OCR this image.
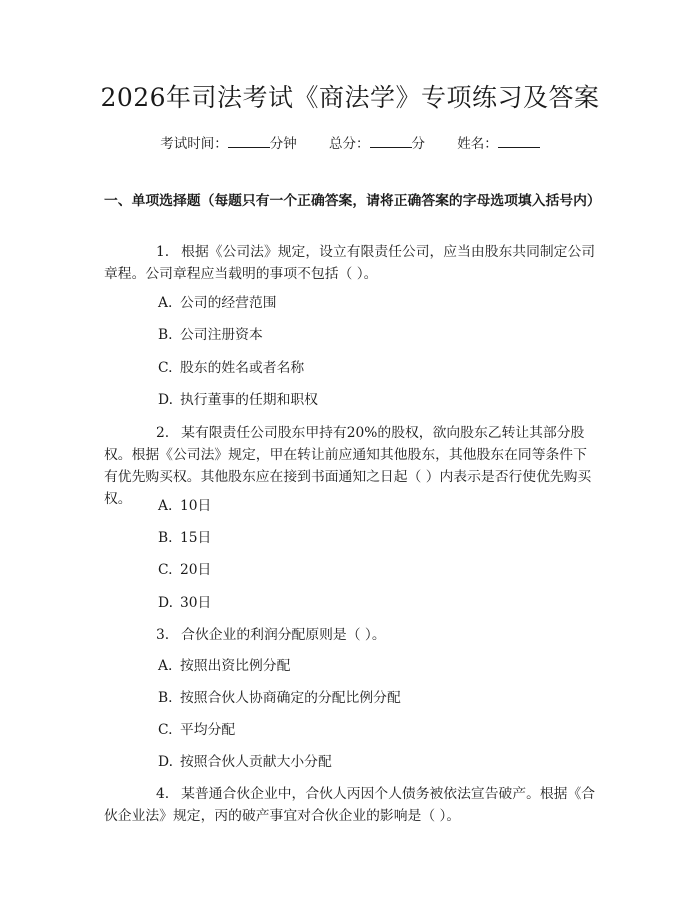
2026年司法考试《商法学》专项练习及答案
考试时间：	分钟 总分：	分 姓名：
一、单项选择题（每题只有一个正确答案，请将正确答案的字母选项填入括号内）

1. 根据《公司法》规定，设立有限责任公司，应当由股东共同制定公司章程。公司章程应当载明的事项不包括（ ）。

A. 公司的经营范围
B. 公司注册资本
C. 股东的姓名或者名称
D. 执行董事的任期和职权

2. 某有限责任公司股东甲持有20%的股权，欲向股东乙转让其部分股权。根据《公司法》规定，甲在转让前应通知其他股东，其他股东在同等条件下有优先购买权。其他股东应在接到书面通知之日起（ ）内表示是否行使优先购买权。	A. 10日
B. 15日
C. 20日
D. 30日

3. 合伙企业的利润分配原则是（ ）。

A. 按照出资比例分配
B. 按照合伙人协商确定的分配比例分配
C. 平均分配
D. 按照合伙人贡献大小分配

4. 某普通合伙企业中，合伙人丙因个人债务被依法宣告破产。根据《合伙企业法》规定，丙的破产事宜对合伙企业的影响是（ ）。
